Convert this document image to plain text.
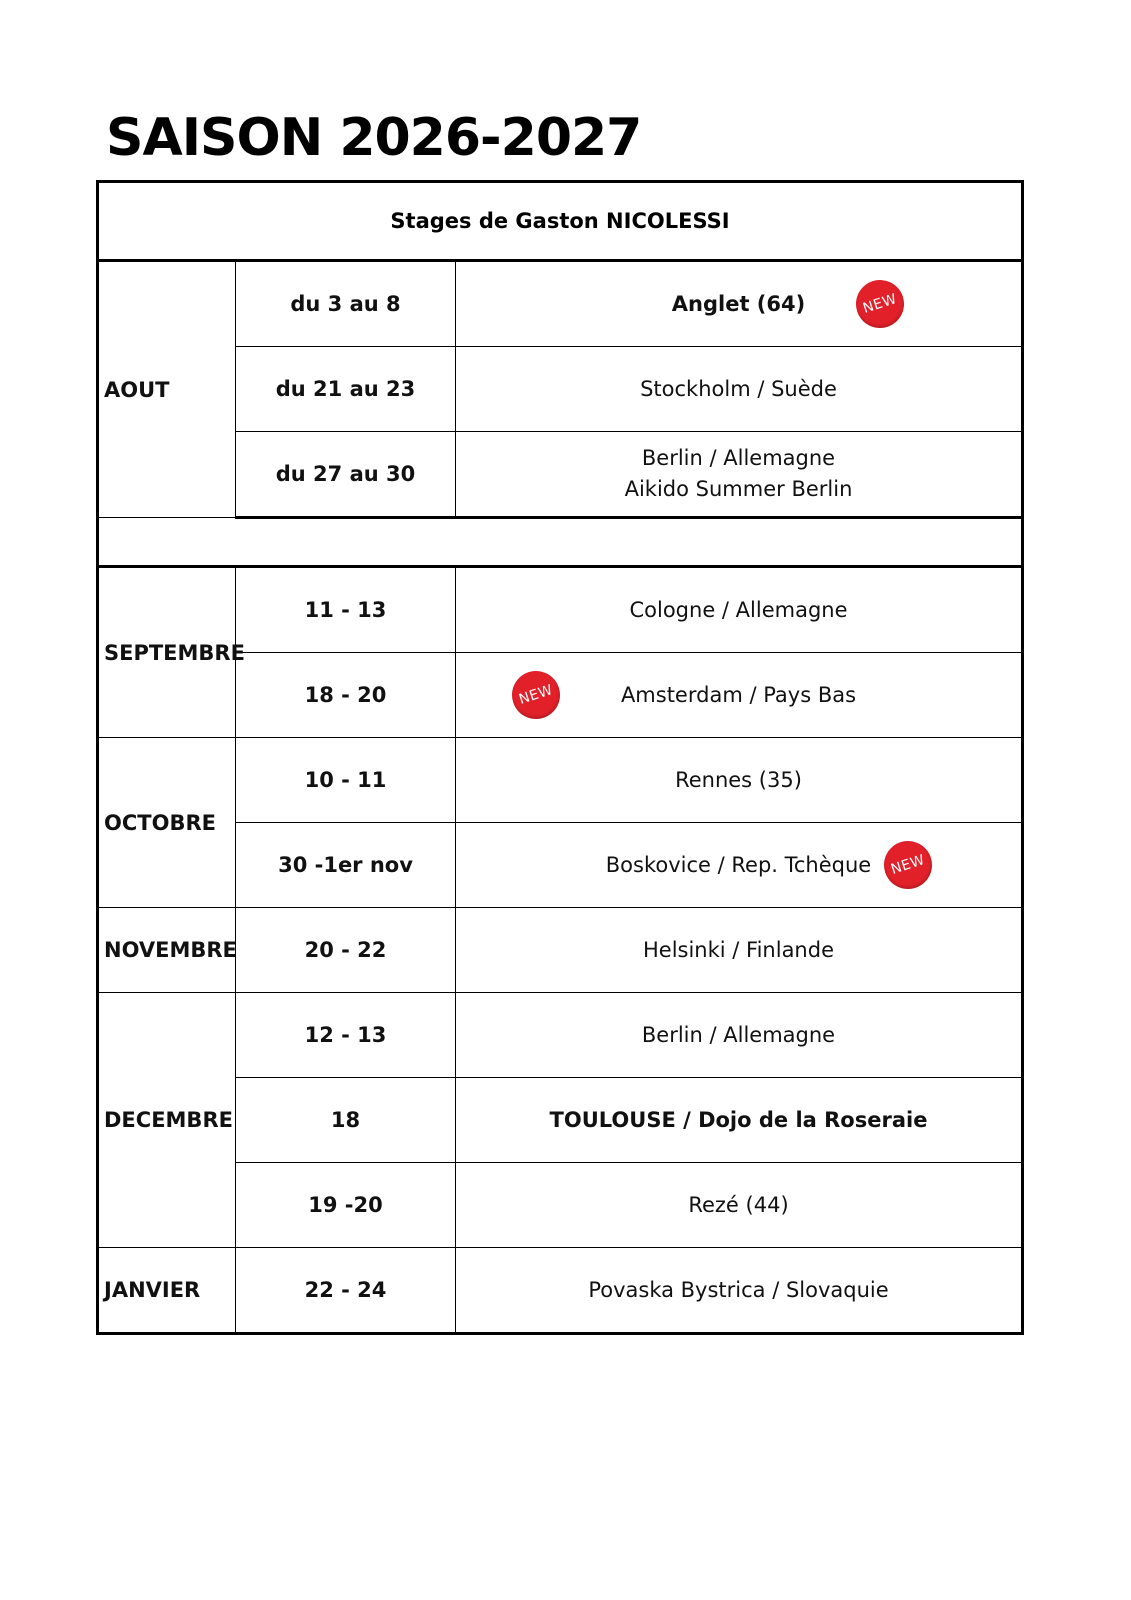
SAISON 2026-2027
Stages de Gaston NICOLESSI		
AOUT	du 3 au 8	Anglet (64) NEW

	du 21 au 23	Stockholm / Suède
	du 27 au 30	Berlin / Allemagne
Aikido Summer Berlin

SEPTEMBRE	11 - 13	Cologne / Allemagne
	18 - 20	NEW Amsterdam / Pays Bas
OCTOBRE	10 - 11	Rennes (35)
	30 -1er nov	Boskovice / Rep. Tchèque NEW

NOVEMBRE	20 - 22	Helsinki / Finlande
DECEMBRE	12 - 13	Berlin / Allemagne
	18	TOULOUSE / Dojo de la Roseraie
	19 -20	Rezé (44)
JANVIER	22 - 24	Povaska Bystrica / Slovaquie
